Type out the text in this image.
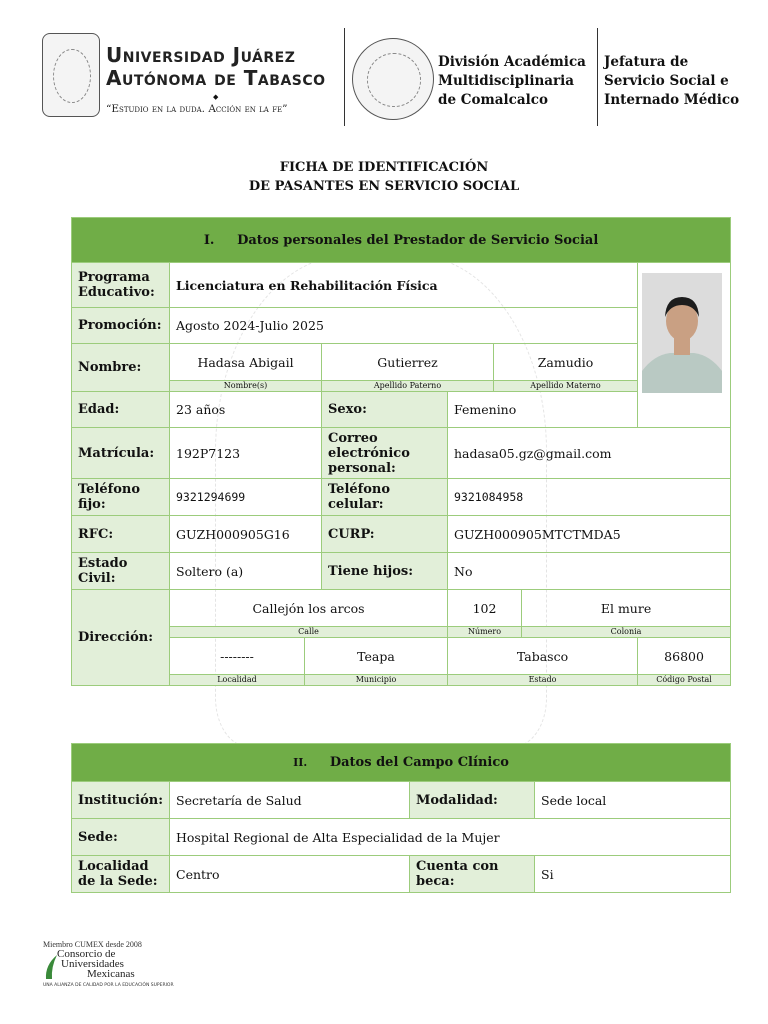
Universidad Juárez
Autónoma de Tabasco
◆
“Estudio en la duda. Acción en la fe”
División Académica
Multidisciplinaria
de Comalcalco
Jefatura de
Servicio Social e
Internado Médico
FICHA DE IDENTIFICACIÓN
DE PASANTES EN SERVICIO SOCIAL
I. Datos personales del Prestador de Servicio Social							
Programa Educativo:	Licenciatura en Rehabilitación Física						
Promoción:	Agosto 2024-Julio 2025						
Nombre:	Hadasa Abigail		Gutierrez		Zamudio		
	Nombre(s)		Apellido Paterno		Apellido Materno		
Edad:	23 años		Sexo:	Femenino			
Matrícula:	192P7123		Correo electrónico personal:	hadasa05.gz@gmail.com			
Teléfono fijo:	9321294699		Teléfono celular:	9321084958			
RFC:	GUZH000905G16		CURP:	GUZH000905MTCTMDA5			
Estado Civil:	Soltero (a)		Tiene hijos:	No			
Dirección:	Callejón los arcos			102		El mure	
	Calle			Número		Colonia	
	--------	Teapa		Tabasco			86800
	Localidad	Municipio		Estado			Código Postal
II. Datos del Campo Clínico			
Institución:	Secretaría de Salud	Modalidad:	Sede local
Sede:	Hospital Regional de Alta Especialidad de la Mujer		
Localidad de la Sede:	Centro	Cuenta con beca:	Si
Miembro CUMEX desde 2008
Consorcio de
Universidades
Mexicanas
UNA ALIANZA DE CALIDAD POR LA EDUCACIÓN SUPERIOR
